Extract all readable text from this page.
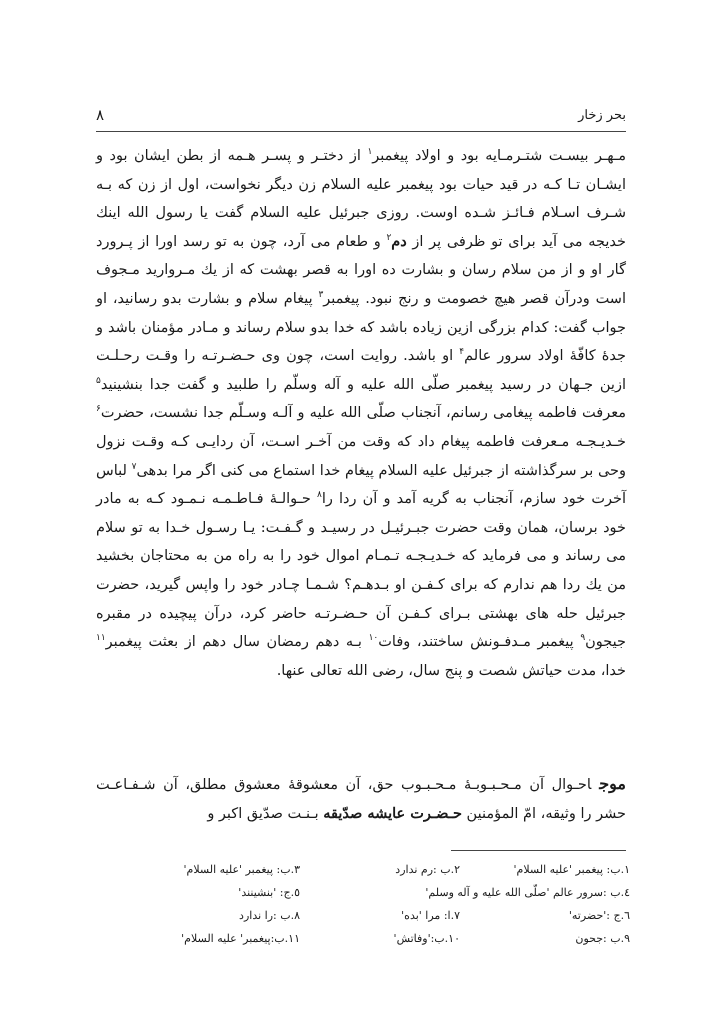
بحر زخار
۸

مـهـر بیسـت شتـرمـایه بود و اولاد پیغمبر$^۱$ از دختـر و پسـر هـمه از بطن ایشان بود و ایشـان تـا کـه در قید حیات بود پیغمبر علیه السلام زن دیگر نخواست، اول از زن که بـه شـرف اسـلام فـائـز شـده اوست. روزی جبرئیل علیه السلام گفت یا رسول الله اینك خدیجه می آید برای تو ظرفی پر از دم$^۲$ و طعام می آرد، چون به تو رسد اورا از پـرورد گار او و از من سلام رسان و بشارت ده اورا به قصر بهشت که از یك مـروارید مـجوف است ودرآن قصر هیچ خصومت و رنج نبود. پیغمبر$^۳$ پیغام سلام و بشارت بدو رسانید، او جواب گفت: کدام بزرگی ازین زیاده باشد که خدا بدو سلام رساند و مـادر مؤمنان باشد و جدهٔ کافّهٔ اولاد سرور عالم$^۴$ او باشد. روایت است، چون وی حـضـرتـه را وقـت رحـلـت ازین جـهان در رسید پیغمبر صلّی الله علیه و آله وسلّم را طلبید و گفت جدا بنشینید$^۵$ معرفت فاطمه پیغامی رسانم، آنجناب صلّی الله علیه و آلـه وسـلّم جدا نشست، حضرت$^۶$ خـدیـجـه مـعرفت فاطمه پیغام داد که وقت من آخـر اسـت، آن ردایـی کـه وقـت نزول وحی بر سرگذاشته از جبرئیل علیه السلام پیغام خدا استماع می کنی اگر مرا بدهی$^۷$ لباس آخرت خود سازم، آنجناب به گریه آمد و آن ردا را$^۸$ حـوالـهٔ فـاطـمـه نـمـود کـه به مادر خود برسان، همان وقت حضرت جبـرئیـل در رسیـد و گـفـت: یـا رسـول خـدا به تو سلام می رساند و می فرماید که خـدیـجـه تـمـام اموال خود را به راه من به محتاجان بخشید من یك ردا هم ندارم که برای کـفـن او بـدهـم؟ شـمـا چـادر خود را واپس گیرید، حضرت جبرئیل حله های بهشتی بـرای کـفـن آن حـضـرتـه حاضر کرد، درآن پیچیده در مقبره جیجون$^۹$ پیغمبر مـدفـونش ساختند، وفات$^{۱۰}$ بـه دهم رمضان سال دهم از بعثت پیغمبر$^{۱۱}$ خدا، مدت حیاتش شصت و پنج سال، رضی الله تعالی عنها.

موجاحـوال آن مـحـبـوبـهٔ مـحـبـوب حق، آن معشوقهٔ معشوق مطلق، آن شـفـاعـت حشر را وثیقه، امّ المؤمنین حـضـرت عایشه صدّیقه بـنـت صدّیق اکبر و
۱.ب: پیغمبر 'علیه السلام'
۲.ب :رم ندارد
۳.ب: پیغمبر 'علیه السلام'
٤.ب :سرور عالم 'صلّی الله علیه و آله وسلم'
٥.ج: 'بنشینند'
٦.ج :'حضرته'
۷.ا: مرا 'بده'
۸.ب :را ندارد
۹.ب :جحون
۱۰.ب:'وفاتش'
۱۱.ب:پیغمبر' علیه السلام'
